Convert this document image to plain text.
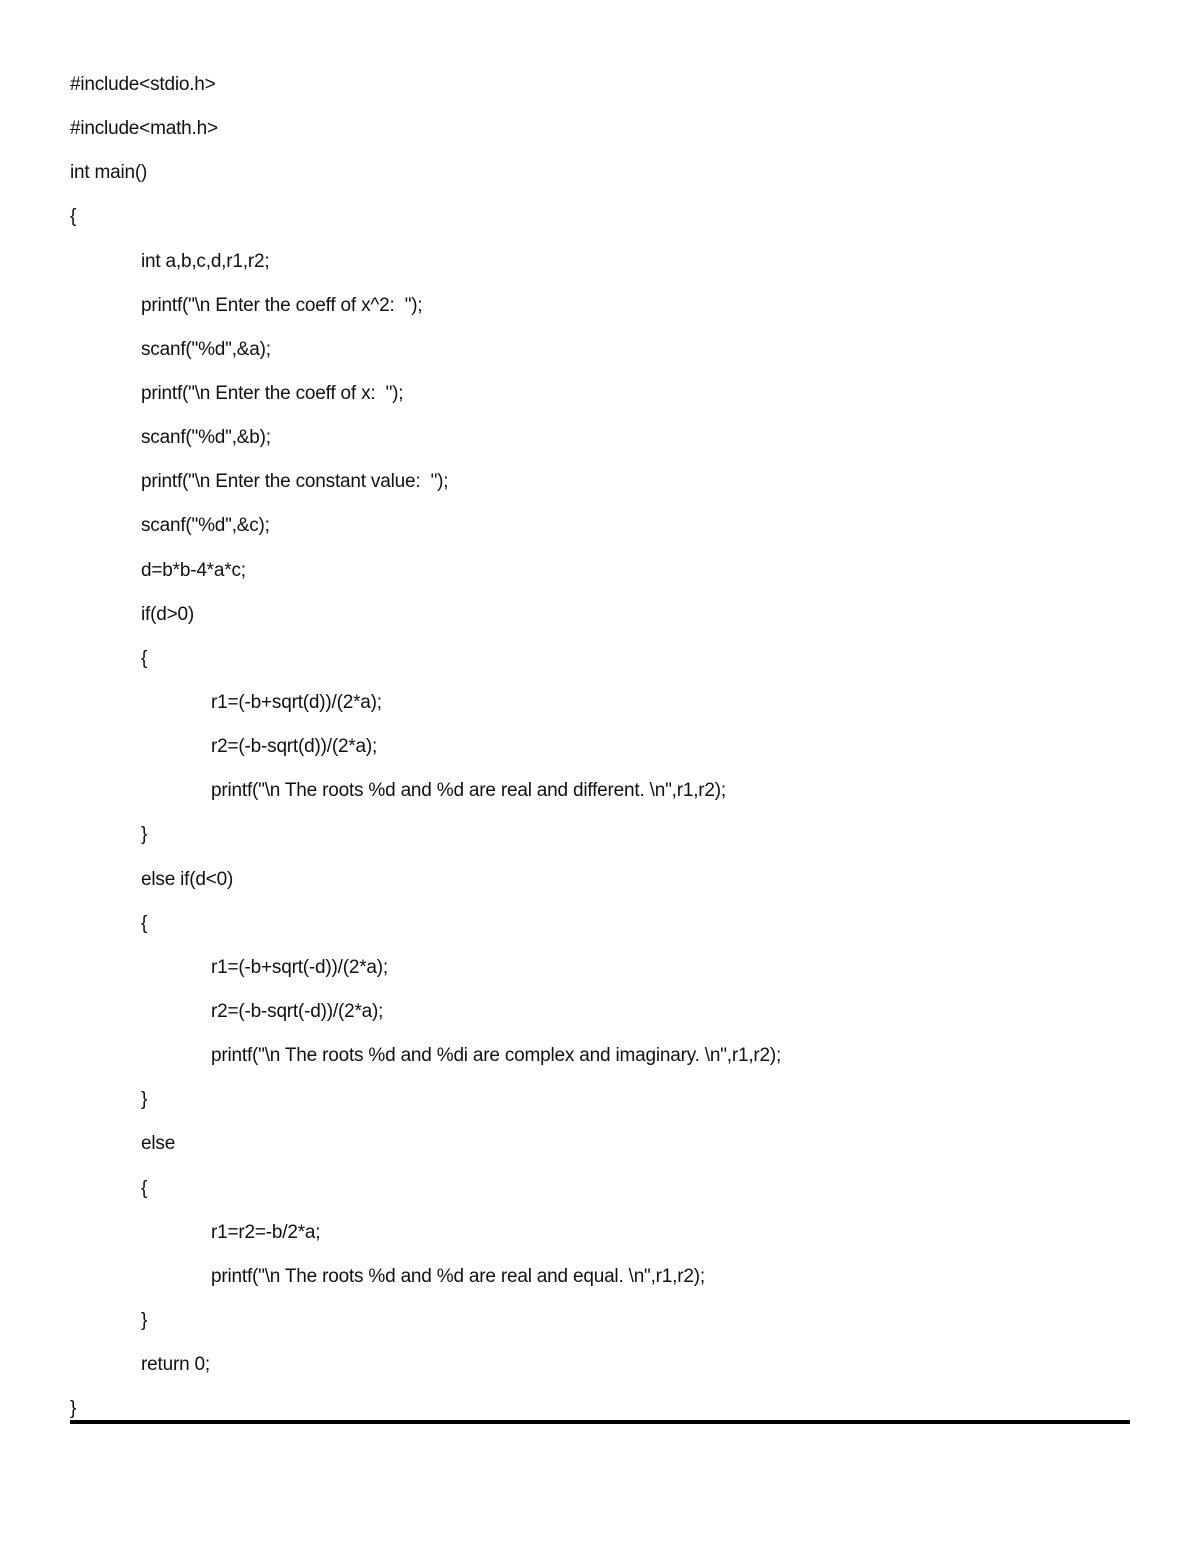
#include<stdio.h>
#include<math.h>
int main()
{
int a,b,c,d,r1,r2;
printf("\n Enter the coeff of x^2:  ");
scanf("%d",&a);
printf("\n Enter the coeff of x:  ");
scanf("%d",&b);
printf("\n Enter the constant value:  ");
scanf("%d",&c);
d=b*b-4*a*c;
if(d>0)
{
r1=(-b+sqrt(d))/(2*a);
r2=(-b-sqrt(d))/(2*a);
printf("\n The roots %d and %d are real and different. \n",r1,r2);
}
else if(d<0)
{
r1=(-b+sqrt(-d))/(2*a);
r2=(-b-sqrt(-d))/(2*a);
printf("\n The roots %d and %di are complex and imaginary. \n",r1,r2);
}
else
{
r1=r2=-b/2*a;
printf("\n The roots %d and %d are real and equal. \n",r1,r2);
}
return 0;
}
